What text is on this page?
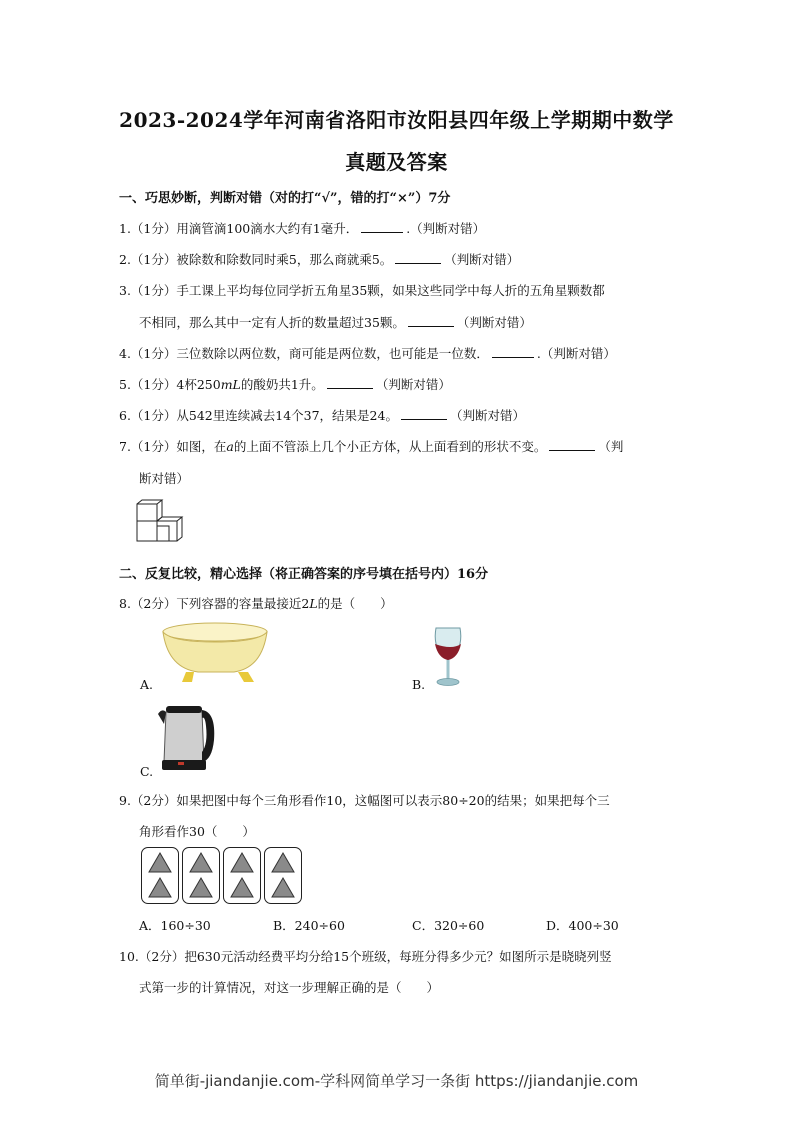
2023-2024学年河南省洛阳市汝阳县四年级上学期期中数学
真题及答案
一、巧思妙断，判断对错（对的打“√”，错的打“×”）7分
1.（1分）用滴管滴100滴水大约有1毫升．	.（判断对错）
2.（1分）被除数和除数同时乘5，那么商就乘5。	（判断对错）
3.（1分）手工课上平均每位同学折五角星35颗，如果这些同学中每人折的五角星颗数都
不相同，那么其中一定有人折的数量超过35颗。	（判断对错）
4.（1分）三位数除以两位数，商可能是两位数，也可能是一位数．	.（判断对错）
5.（1分）4杯250mL的酸奶共1升。	（判断对错）
6.（1分）从542里连续减去14个37，结果是24。	（判断对错）
7.（1分）如图，在a的上面不管添上几个小正方体，从上面看到的形状不变。	（判
断对错）
二、反复比较，精心选择（将正确答案的序号填在括号内）16分
8.（2分）下列容器的容量最接近2L的是（　　）
A.	B.
C.
9.（2分）如果把图中每个三角形看作10，这幅图可以表示80÷20的结果；如果把每个三
角形看作30（　　）
A．160÷30	B．240÷60	C．320÷60	D．400÷30
10.（2分）把630元活动经费平均分给15个班级，每班分得多少元？如图所示是晓晓列竖
式第一步的计算情况，对这一步理解正确的是（　　）
简单街-jiandanjie.com-学科网简单学习一条街 https://jiandanjie.com
